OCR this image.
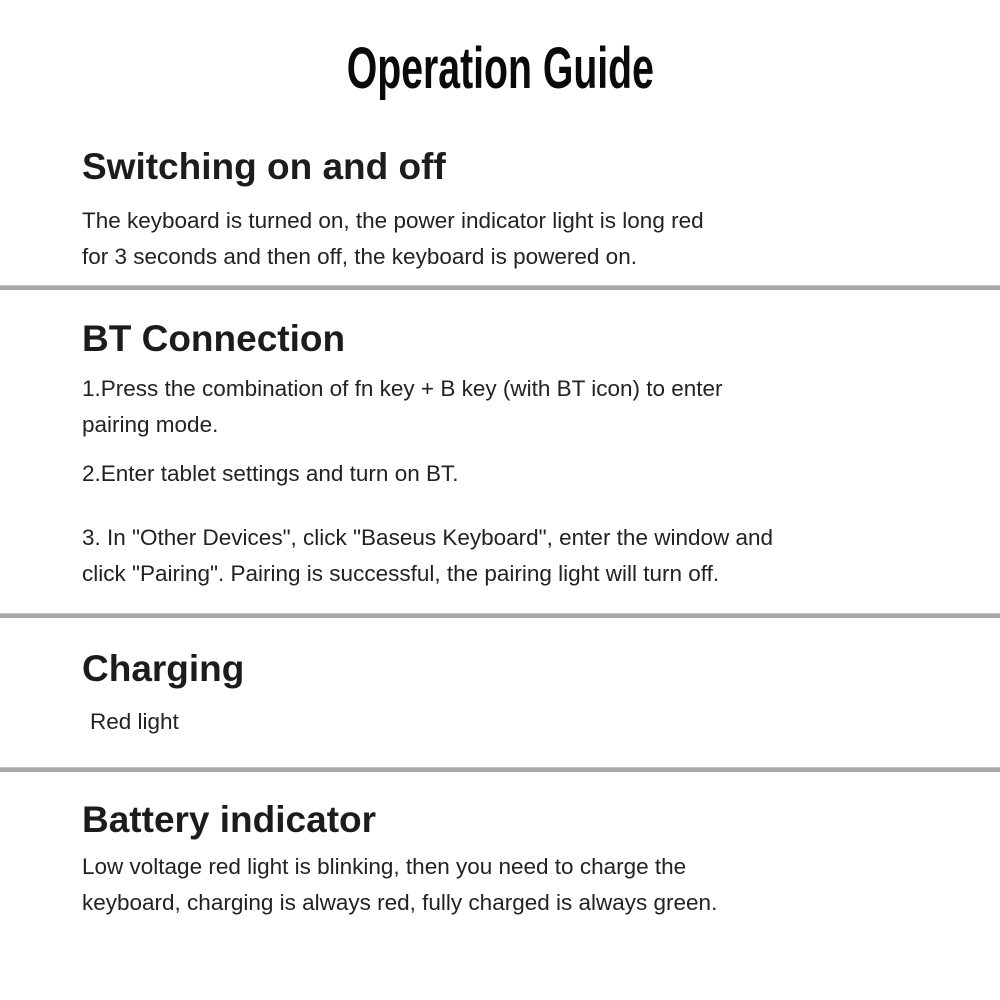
Operation Guide
Switching on and off

The keyboard is turned on, the power indicator light is long red
for 3 seconds and then off, the keyboard is powered on.

BT Connection

1.Press the combination of fn key + B key (with BT icon) to enter
pairing mode.

2.Enter tablet settings and turn on BT.

3. In "Other Devices", click "Baseus Keyboard", enter the window and
click "Pairing". Pairing is successful, the pairing light will turn off.

Charging

Red light

Battery indicator

Low voltage red light is blinking, then you need to charge the
keyboard, charging is always red, fully charged is always green.
